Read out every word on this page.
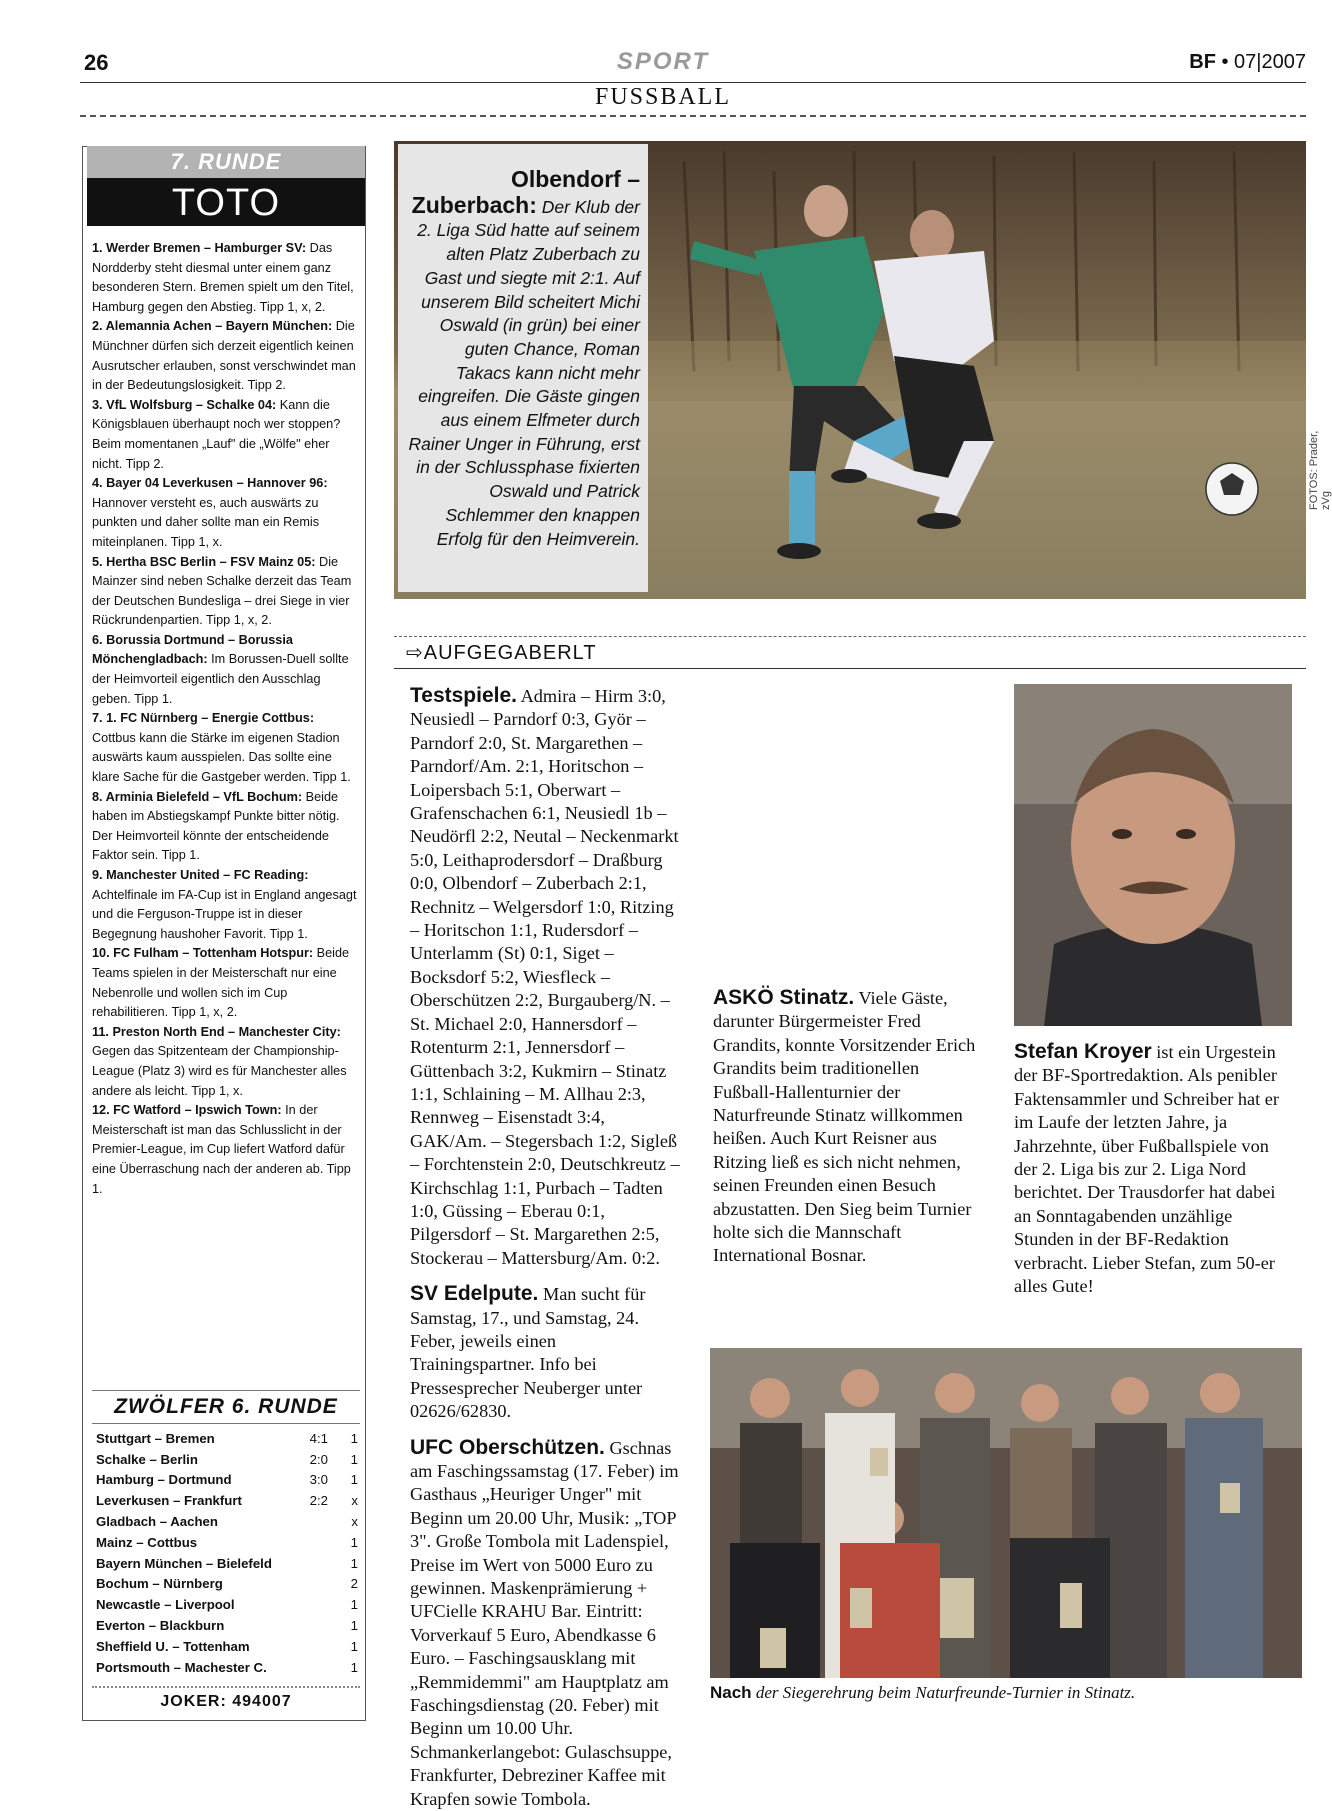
26	SPORT	BF • 07|2007
FUSSBALL
7. RUNDE
TOTO

1. Werder Bremen – Hamburger SV: Das Nordderby steht diesmal unter einem ganz besonderen Stern. Bremen spielt um den Titel, Hamburg gegen den Abstieg. Tipp 1, x, 2.

2. Alemannia Achen – Bayern München: Die Münchner dürfen sich derzeit eigentlich keinen Ausrutscher erlauben, sonst verschwindet man in der Bedeutungslosigkeit. Tipp 2.

3. VfL Wolfsburg – Schalke 04: Kann die Königsblauen überhaupt noch wer stoppen? Beim momentanen „Lauf" die „Wölfe" eher nicht. Tipp 2.

4. Bayer 04 Leverkusen – Hannover 96: Hannover versteht es, auch auswärts zu punkten und daher sollte man ein Remis miteinplanen. Tipp 1, x.

5. Hertha BSC Berlin – FSV Mainz 05: Die Mainzer sind neben Schalke derzeit das Team der Deutschen Bundesliga – drei Siege in vier Rückrundenpartien. Tipp 1, x, 2.

6. Borussia Dortmund – Borussia Mönchengladbach: Im Borussen-Duell sollte der Heimvorteil eigentlich den Ausschlag geben. Tipp 1.

7. 1. FC Nürnberg – Energie Cottbus: Cottbus kann die Stärke im eigenen Stadion auswärts kaum ausspielen. Das sollte eine klare Sache für die Gastgeber werden. Tipp 1.

8. Arminia Bielefeld – VfL Bochum: Beide haben im Abstiegskampf Punkte bitter nötig. Der Heimvorteil könnte der entscheidende Faktor sein. Tipp 1.

9. Manchester United – FC Reading: Achtelfinale im FA-Cup ist in England angesagt und die Ferguson-Truppe ist in dieser Begegnung haushoher Favorit. Tipp 1.

10. FC Fulham – Tottenham Hotspur: Beide Teams spielen in der Meisterschaft nur eine Nebenrolle und wollen sich im Cup rehabilitieren. Tipp 1, x, 2.

11. Preston North End – Manchester City: Gegen das Spitzenteam der Championship-League (Platz 3) wird es für Manchester alles andere als leicht. Tipp 1, x.

12. FC Watford – Ipswich Town: In der Meisterschaft ist man das Schlusslicht in der Premier-League, im Cup liefert Watford dafür eine Überraschung nach der anderen ab. Tipp 1.

ZWÖLFER 6. RUNDE
Stuttgart – Bremen	4:1	1
Schalke – Berlin	2:0	1
Hamburg – Dortmund	3:0	1
Leverkusen – Frankfurt	2:2	x
Gladbach – Aachen		x
Mainz – Cottbus		1
Bayern München – Bielefeld		1
Bochum – Nürnberg		2
Newcastle – Liverpool		1
Everton – Blackburn		1
Sheffield U. – Tottenham		1
Portsmouth – Machester C.		1
JOKER: 494007
Olbendorf – Zuberbach: Der Klub der 2. Liga Süd hatte auf seinem alten Platz Zuberbach zu Gast und siegte mit 2:1. Auf unserem Bild scheitert Michi Oswald (in grün) bei einer guten Chance, Roman Takacs kann nicht mehr eingreifen. Die Gäste gingen aus einem Elfmeter durch Rainer Unger in Führung, erst in der Schlussphase fixierten Oswald und Patrick Schlemmer den knappen Erfolg für den Heimverein.
FOTOS: Prader, zVg
⇨AUFGEGABERLT
Testspiele. Admira – Hirm 3:0, Neusiedl – Parndorf 0:3, Györ – Parndorf 2:0, St. Margarethen – Parndorf/Am. 2:1, Horitschon – Loipersbach 5:1, Oberwart – Grafenschachen 6:1, Neusiedl 1b – Neudörfl 2:2, Neutal – Neckenmarkt 5:0, Leithaprodersdorf – Draßburg 0:0, Olbendorf – Zuberbach 2:1, Rechnitz – Welgersdorf 1:0, Ritzing – Horitschon 1:1, Rudersdorf – Unterlamm (St) 0:1, Siget – Bocksdorf 5:2, Wiesfleck – Oberschützen 2:2, Burgauberg/N. – St. Michael 2:0, Hannersdorf – Rotenturm 2:1, Jennersdorf – Güttenbach 3:2, Kukmirn – Stinatz 1:1, Schlaining – M. Allhau 2:3, Rennweg – Eisenstadt 3:4, GAK/Am. – Stegersbach 1:2, Sigleß – Forchtenstein 2:0, Deutschkreutz – Kirchschlag 1:1, Purbach – Tadten 1:0, Güssing – Eberau 0:1, Pilgersdorf – St. Margarethen 2:5, Stockerau – Mattersburg/Am. 0:2.
SV Edelpute. Man sucht für Samstag, 17., und Samstag, 24. Feber, jeweils einen Trainingspartner. Info bei Pressesprecher Neuberger unter 02626/62830.
UFC Oberschützen. Gschnas am Faschingssamstag (17. Feber) im Gasthaus „Heuriger Unger" mit Beginn um 20.00 Uhr, Musik: „TOP 3". Große Tombola mit Ladenspiel, Preise im Wert von 5000 Euro zu gewinnen. Maskenprämierung + UFCielle KRAHU Bar. Eintritt: Vorverkauf 5 Euro, Abendkasse 6 Euro. – Faschingsausklang mit „Remmidemmi" am Hauptplatz am Faschingsdienstag (20. Feber) mit Beginn um 10.00 Uhr. Schmankerlangebot: Gulaschsuppe, Frankfurter, Debreziner Kaffee mit Krapfen sowie Tombola.
ASKÖ Stinatz. Viele Gäste, darunter Bürgermeister Fred Grandits, konnte Vorsitzender Erich Grandits beim traditionellen Fußball-Hallenturnier der Naturfreunde Stinatz willkommen heißen. Auch Kurt Reisner aus Ritzing ließ es sich nicht nehmen, seinen Freunden einen Besuch abzustatten. Den Sieg beim Turnier holte sich die Mannschaft International Bosnar.
Stefan Kroyer ist ein Urgestein der BF-Sportredaktion. Als penibler Faktensammler und Schreiber hat er im Laufe der letzten Jahre, ja Jahrzehnte, über Fußballspiele von der 2. Liga bis zur 2. Liga Nord berichtet. Der Trausdorfer hat dabei an Sonntagabenden unzählige Stunden in der BF-Redaktion verbracht. Lieber Stefan, zum 50-er alles Gute!
Nach der Siegerehrung beim Naturfreunde-Turnier in Stinatz.
